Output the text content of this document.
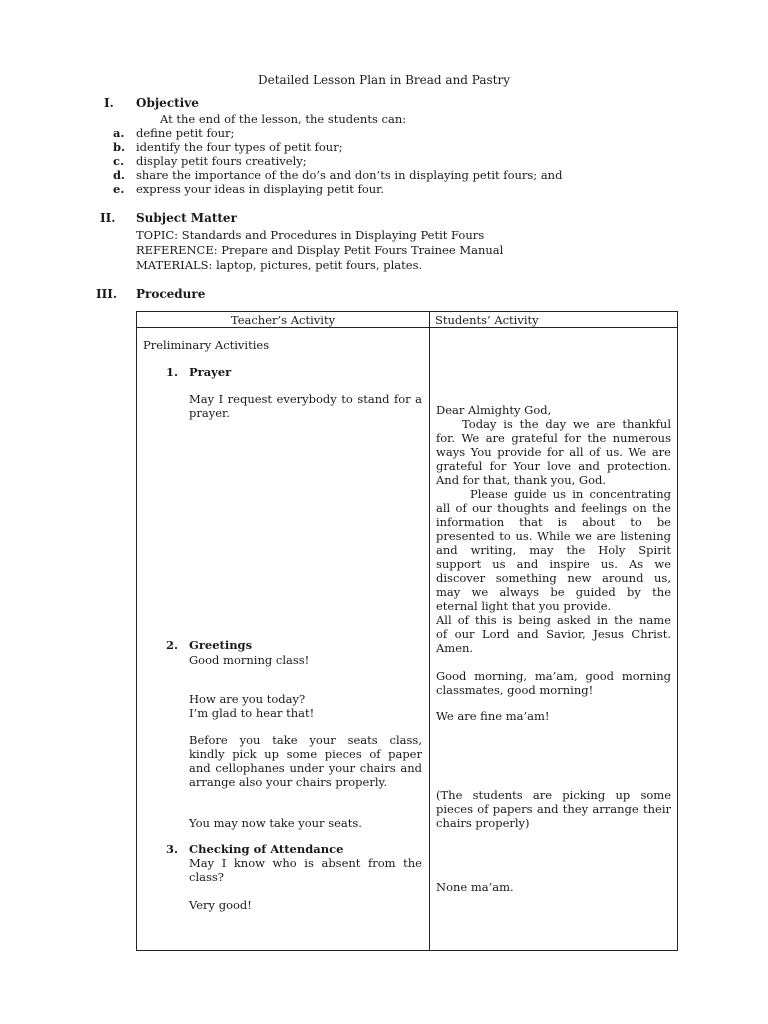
Detailed Lesson Plan in Bread and Pastry
I. Objective
At the end of the lesson, the students can:
a. define petit four;
b. identify the four types of petit four;
c. display petit fours creatively;
d. share the importance of the do’s and don’ts in displaying petit fours; and
e. express your ideas in displaying petit four.
II. Subject Matter
TOPIC: Standards and Procedures in Displaying Petit Fours
REFERENCE: Prepare and Display Petit Fours Trainee Manual
MATERIALS: laptop, pictures, petit fours, plates.
III. Procedure
Teacher’s Activity	Students’ Activity
Preliminary Activities
1. Prayer
May I request everybody to stand for a
prayer.
2. Greetings
Good morning class!
How are you today?
I’m glad to hear that!
Before you take your seats class,
kindly pick up some pieces of paper
and cellophanes under your chairs and
arrange also your chairs properly.
You may now take your seats.
3. Checking of Attendance
May I know who is absent from the
class?
Very good!
Dear Almighty God,
Today is the day we are thankful
for. We are grateful for the numerous
ways You provide for all of us. We are
grateful for Your love and protection.
And for that, thank you, God.
Please guide us in concentrating
all of our thoughts and feelings on the
information that is about to be
presented to us. While we are listening
and writing, may the Holy Spirit
support us and inspire us. As we
discover something new around us,
may we always be guided by the
eternal light that you provide.
All of this is being asked in the name
of our Lord and Savior, Jesus Christ.
Amen.
Good morning, ma’am, good morning
classmates, good morning!
We are fine ma’am!
(The students are picking up some
pieces of papers and they arrange their
chairs properly)
None ma’am.
